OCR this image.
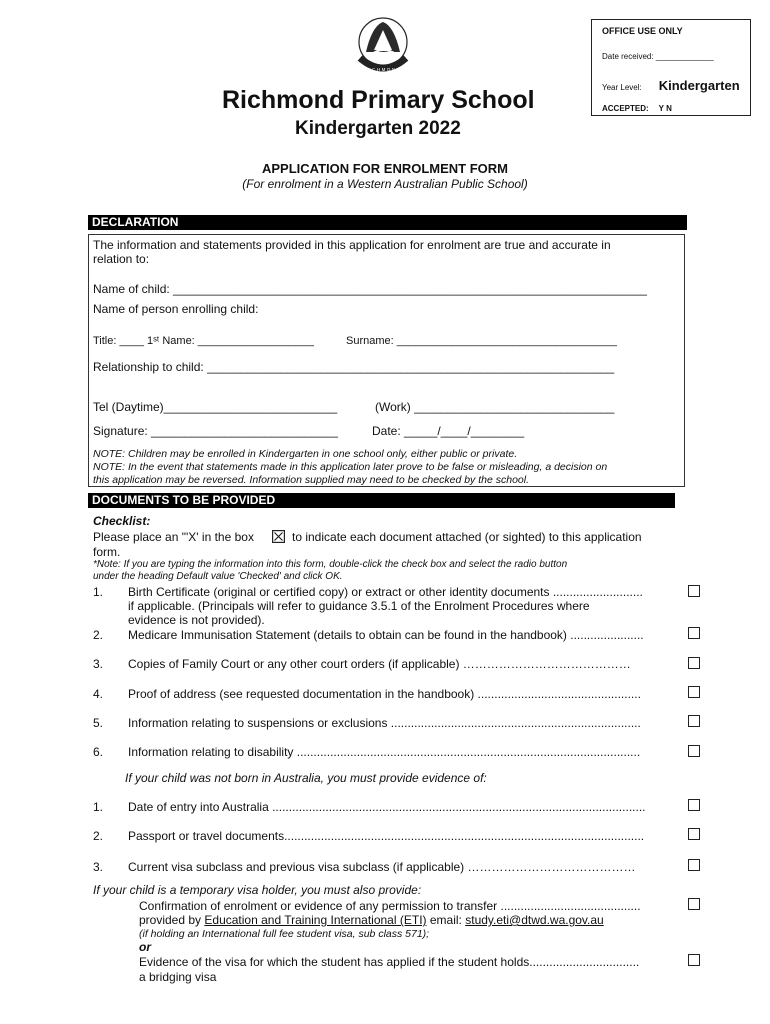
RICHMOND
Richmond Primary School
Kindergarten 2022
OFFICE USE ONLY
Date received: _____________
Year Level: Kindergarten
ACCEPTED: Y N
APPLICATION FOR ENROLMENT FORM
(For enrolment in a Western Australian Public School)
DECLARATION
The information and statements provided in this application for enrolment are true and accurate in
relation to:
Name of child: _______________________________________________________________________
Name of person enrolling child:
Title: ____ 1ˢᵗ Name: ___________________	Surname: ____________________________________
Relationship to child: _____________________________________________________________
Tel (Daytime)__________________________	(Work) ______________________________
Signature: ____________________________	Date: _____/____/________
NOTE: Children may be enrolled in Kindergarten in one school only, either public or private.
NOTE: In the event that statements made in this application later prove to be false or misleading, a decision on
this application may be reversed. Information supplied may need to be checked by the school.
DOCUMENTS TO BE PROVIDED
Checklist:
Please place an "'X' in the box	to indicate each document attached (or sighted) to this application
form.
*Note: If you are typing the information into this form, double-click the check box and select the radio button
under the heading Default value 'Checked' and click OK.
1. Birth Certificate (original or certified copy) or extract or other identity documents ...........................
if applicable. (Principals will refer to guidance 3.5.1 of the Enrolment Procedures where
evidence is not provided).
2. Medicare Immunisation Statement (details to obtain can be found in the handbook) ......................
3. Copies of Family Court or any other court orders (if applicable) ……………………………………
4. Proof of address (see requested documentation in the handbook) .................................................
5. Information relating to suspensions or exclusions ...........................................................................
6. Information relating to disability .......................................................................................................
If your child was not born in Australia, you must provide evidence of:
1. Date of entry into Australia ................................................................................................................
2. Passport or travel documents............................................................................................................
3. Current visa subclass and previous visa subclass (if applicable) ……………………………………
If your child is a temporary visa holder, you must also provide:
Confirmation of enrolment or evidence of any permission to transfer ..........................................
provided by Education and Training International (ETI) email: study.eti@dtwd.wa.gov.au
(if holding an International full fee student visa, sub class 571);
or
Evidence of the visa for which the student has applied if the student holds.................................
a bridging visa
